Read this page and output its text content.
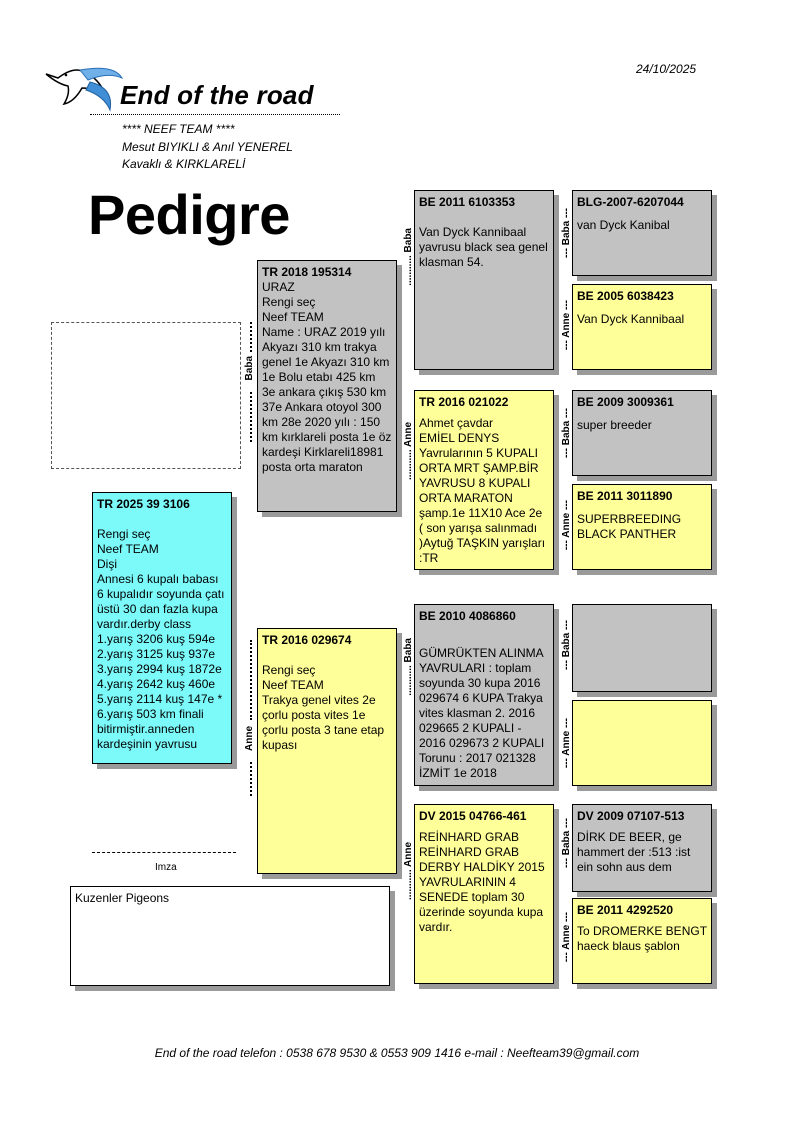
24/10/2025
End of the road
**** NEEF TEAM ****
Mesut BIYIKLI & Anıl YENEREL
Kavaklı & KIRKLARELİ
Pedigre
TR 2025 39 3106
Rengi seç
Neef TEAM
Dişi
Annesi 6 kupalı babası 6 kupalıdır soyunda çatı üstü 30 dan fazla kupa vardır.derby class 1.yarış 3206 kuş 594e 2.yarış 3125 kuş 937e 3.yarış 2994 kuş 1872e 4.yarış 2642 kuş 460e 5.yarış 2114 kuş 147e * 6.yarış 503 km finali bitirmiştir.anneden kardeşinin yavrusu
Baba
Anne
TR 2018 195314
URAZ
Rengi seç
Neef TEAM
Name : URAZ 2019 yılı Akyazı 310 km trakya genel 1e Akyazı 310 km 1e Bolu etabı 425 km 3e ankara çıkış 530 km 37e Ankara otoyol 300 km 28e 2020 yılı : 150 km kırklareli posta 1e öz kardeşi Kirklareli18981 posta orta maraton
TR 2016 029674
Rengi seç
Neef TEAM
Trakya genel vites 2e çorlu posta vites 1e çorlu posta 3 tane etap kupası
........... Baba
........... Anne
........... Baba
........... Anne
BE 2011 6103353
Van Dyck Kannibaal yavrusu black sea genel klasman 54.
TR 2016 021022
Ahmet çavdar
EMİEL DENYS Yavrularının 5 KUPALI ORTA MRT ŞAMP.BİR YAVRUSU 8 KUPALI ORTA MARATON şamp.1e 11X10 Ace 2e ( son yarışa salınmadı )Aytuğ TAŞKIN yarışları :TR
BE 2010 4086860
GÜMRÜKTEN ALINMA YAVRULARI : toplam soyunda 30 kupa 2016 029674 6 KUPA Trakya vites klasman 2. 2016 029665 2 KUPALI - 2016 029673 2 KUPALI Torunu : 2017 021328 İZMİT 1e 2018
DV 2015 04766-461
REİNHARD GRAB REİNHARD GRAB DERBY HALDİKY 2015 YAVRULARININ 4 SENEDE toplam 30 üzerinde soyunda kupa vardır.
--- Baba ---
--- Anne ---
--- Baba ---
--- Anne ---
--- Baba ---
--- Anne ---
--- Baba ---
--- Anne ---
BLG-2007-6207044
van Dyck Kanibal
BE 2005 6038423
Van Dyck Kannibaal
BE 2009 3009361
super breeder
BE 2011 3011890
SUPERBREEDING BLACK PANTHER
DV 2009 07107-513
DİRK DE BEER, ge hammert der :513 :ist ein sohn aus dem
BE 2011 4292520
To DROMERKE BENGT haeck blaus şablon
Imza
Kuzenler Pigeons
End of the road telefon : 0538 678 9530 & 0553 909 1416 e-mail : Neefteam39@gmail.com
